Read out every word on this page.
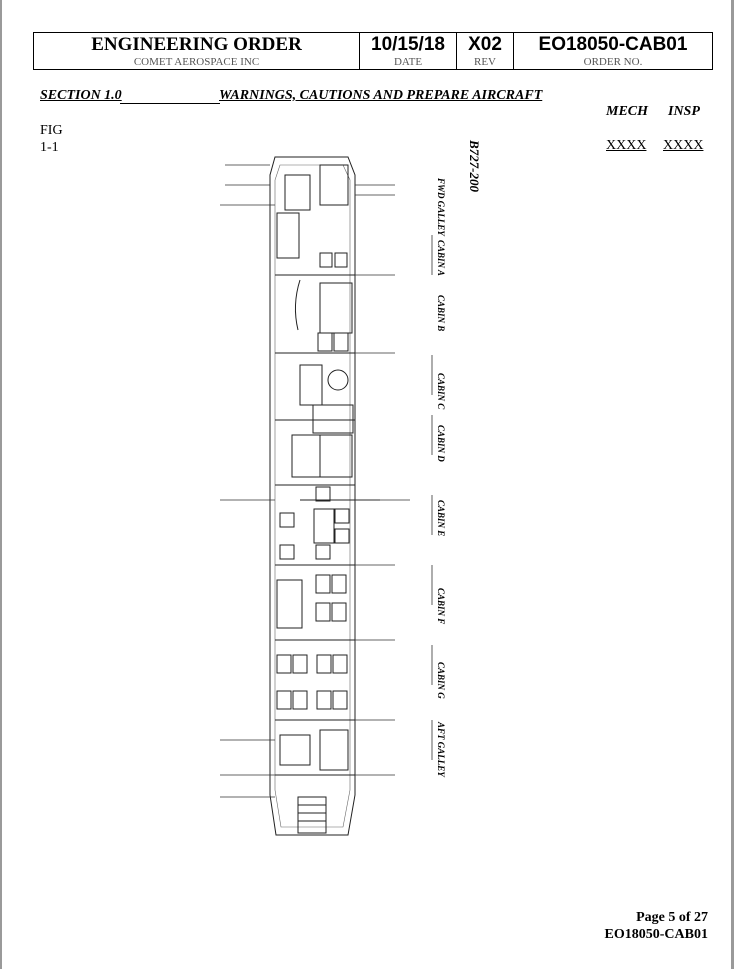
ENGINEERING ORDER
COMET AEROSPACE INC
10/15/18
DATE
X02
REV
EO18050-CAB01
ORDER NO.
SECTION 1.0	WARNINGS, CAUTIONS AND PREPARE AIRCRAFT
MECH INSP
XXXX XXXX
FIG
1-1	B727-200
FWD GALLEY
CABIN A
CABIN B
CABIN C
CABIN D
CABIN E
CABIN F
CABIN G
AFT GALLEY
Page 5 of 27
EO18050-CAB01
